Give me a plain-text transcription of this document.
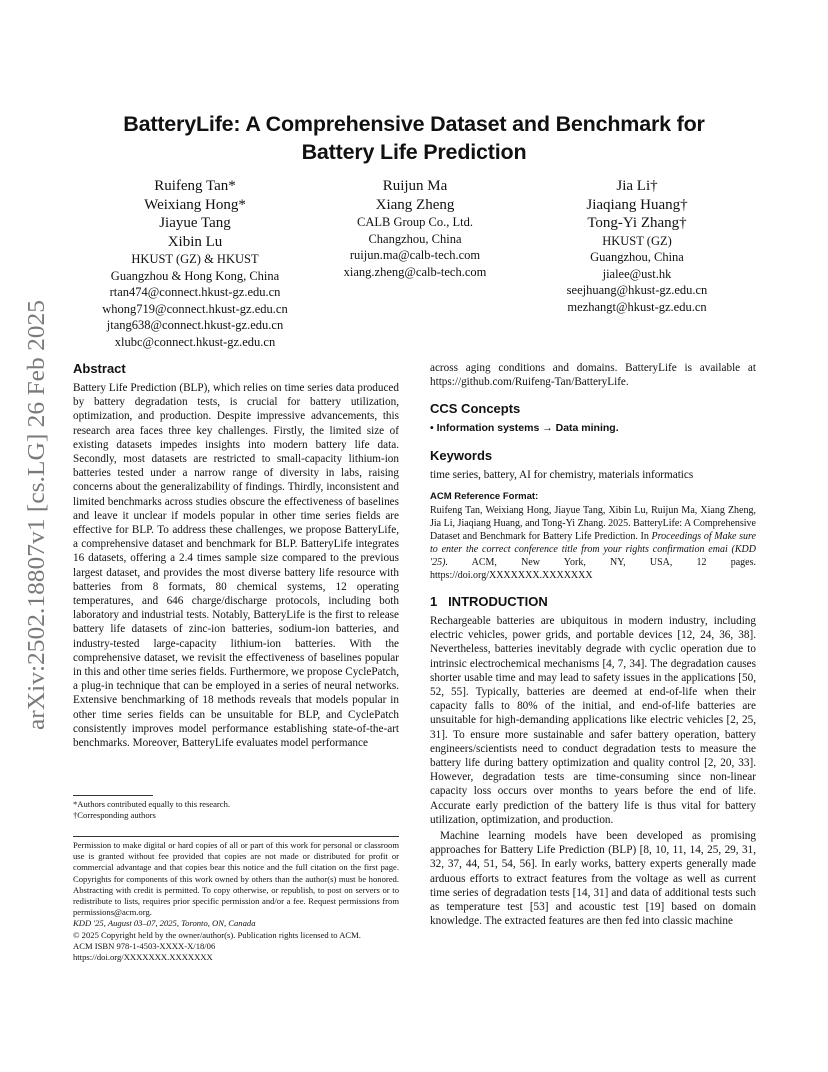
arXiv:2502.18807v1 [cs.LG] 26 Feb 2025
BatteryLife: A Comprehensive Dataset and Benchmark for
Battery Life Prediction
Ruifeng Tan*
Weixiang Hong*
Jiayue Tang
Xibin Lu
HKUST (GZ) & HKUST
Guangzhou & Hong Kong, China
rtan474@connect.hkust-gz.edu.cn
whong719@connect.hkust-gz.edu.cn
jtang638@connect.hkust-gz.edu.cn
xlubc@connect.hkust-gz.edu.cn
Ruijun Ma
Xiang Zheng
CALB Group Co., Ltd.
Changzhou, China
ruijun.ma@calb-tech.com
xiang.zheng@calb-tech.com
Jia Li†
Jiaqiang Huang†
Tong-Yi Zhang†
HKUST (GZ)
Guangzhou, China
jialee@ust.hk
seejhuang@hkust-gz.edu.cn
mezhangt@hkust-gz.edu.cn
Abstract

Battery Life Prediction (BLP), which relies on time series data produced by battery degradation tests, is crucial for battery utilization, optimization, and production. Despite impressive advancements, this research area faces three key challenges. Firstly, the limited size of existing datasets impedes insights into modern battery life data. Secondly, most datasets are restricted to small-capacity lithium-ion batteries tested under a narrow range of diversity in labs, raising concerns about the generalizability of findings. Thirdly, inconsistent and limited benchmarks across studies obscure the effectiveness of baselines and leave it unclear if models popular in other time series fields are effective for BLP. To address these challenges, we propose BatteryLife, a comprehensive dataset and benchmark for BLP. BatteryLife integrates 16 datasets, offering a 2.4 times sample size compared to the previous largest dataset, and provides the most diverse battery life resource with batteries from 8 formats, 80 chemical systems, 12 operating temperatures, and 646 charge/discharge protocols, including both laboratory and industrial tests. Notably, BatteryLife is the first to release battery life datasets of zinc-ion batteries, sodium-ion batteries, and industry-tested large-capacity lithium-ion batteries. With the comprehensive dataset, we revisit the effectiveness of baselines popular in this and other time series fields. Furthermore, we propose CyclePatch, a plug-in technique that can be employed in a series of neural networks. Extensive benchmarking of 18 methods reveals that models popular in other time series fields can be unsuitable for BLP, and CyclePatch consistently improves model performance establishing state-of-the-art benchmarks. Moreover, BatteryLife evaluates model performance

*Authors contributed equally to this research.
†Corresponding authors
Permission to make digital or hard copies of all or part of this work for personal or classroom use is granted without fee provided that copies are not made or distributed for profit or commercial advantage and that copies bear this notice and the full citation on the first page. Copyrights for components of this work owned by others than the author(s) must be honored. Abstracting with credit is permitted. To copy otherwise, or republish, to post on servers or to redistribute to lists, requires prior specific permission and/or a fee. Request permissions from permissions@acm.org.
KDD '25, August 03–07, 2025, Toronto, ON, Canada
© 2025 Copyright held by the owner/author(s). Publication rights licensed to ACM.
ACM ISBN 978-1-4503-XXXX-X/18/06
https://doi.org/XXXXXXX.XXXXXXX

across aging conditions and domains. BatteryLife is available at https://github.com/Ruifeng-Tan/BatteryLife.

CCS Concepts

• Information systems → Data mining.

Keywords

time series, battery, AI for chemistry, materials informatics

ACM Reference Format:

Ruifeng Tan, Weixiang Hong, Jiayue Tang, Xibin Lu, Ruijun Ma, Xiang Zheng, Jia Li, Jiaqiang Huang, and Tong-Yi Zhang. 2025. BatteryLife: A Comprehensive Dataset and Benchmark for Battery Life Prediction. In Proceedings of Make sure to enter the correct conference title from your rights confirmation emai (KDD '25). ACM, New York, NY, USA, 12 pages. https://doi.org/XXXXXXX.XXXXXXX

1   INTRODUCTION

Rechargeable batteries are ubiquitous in modern industry, including electric vehicles, power grids, and portable devices [12, 24, 36, 38]. Nevertheless, batteries inevitably degrade with cyclic operation due to intrinsic electrochemical mechanisms [4, 7, 34]. The degradation causes shorter usable time and may lead to safety issues in the applications [50, 52, 55]. Typically, batteries are deemed at end-of-life when their capacity falls to 80% of the initial, and end-of-life batteries are unsuitable for high-demanding applications like electric vehicles [2, 25, 31]. To ensure more sustainable and safer battery operation, battery engineers/scientists need to conduct degradation tests to measure the battery life during battery optimization and quality control [2, 20, 33]. However, degradation tests are time-consuming since non-linear capacity loss occurs over months to years before the end of life. Accurate early prediction of the battery life is thus vital for battery utilization, optimization, and production.

Machine learning models have been developed as promising approaches for Battery Life Prediction (BLP) [8, 10, 11, 14, 25, 29, 31, 32, 37, 44, 51, 54, 56]. In early works, battery experts generally made arduous efforts to extract features from the voltage as well as current time series of degradation tests [14, 31] and data of additional tests such as temperature test [53] and acoustic test [19] based on domain knowledge. The extracted features are then fed into classic machine
